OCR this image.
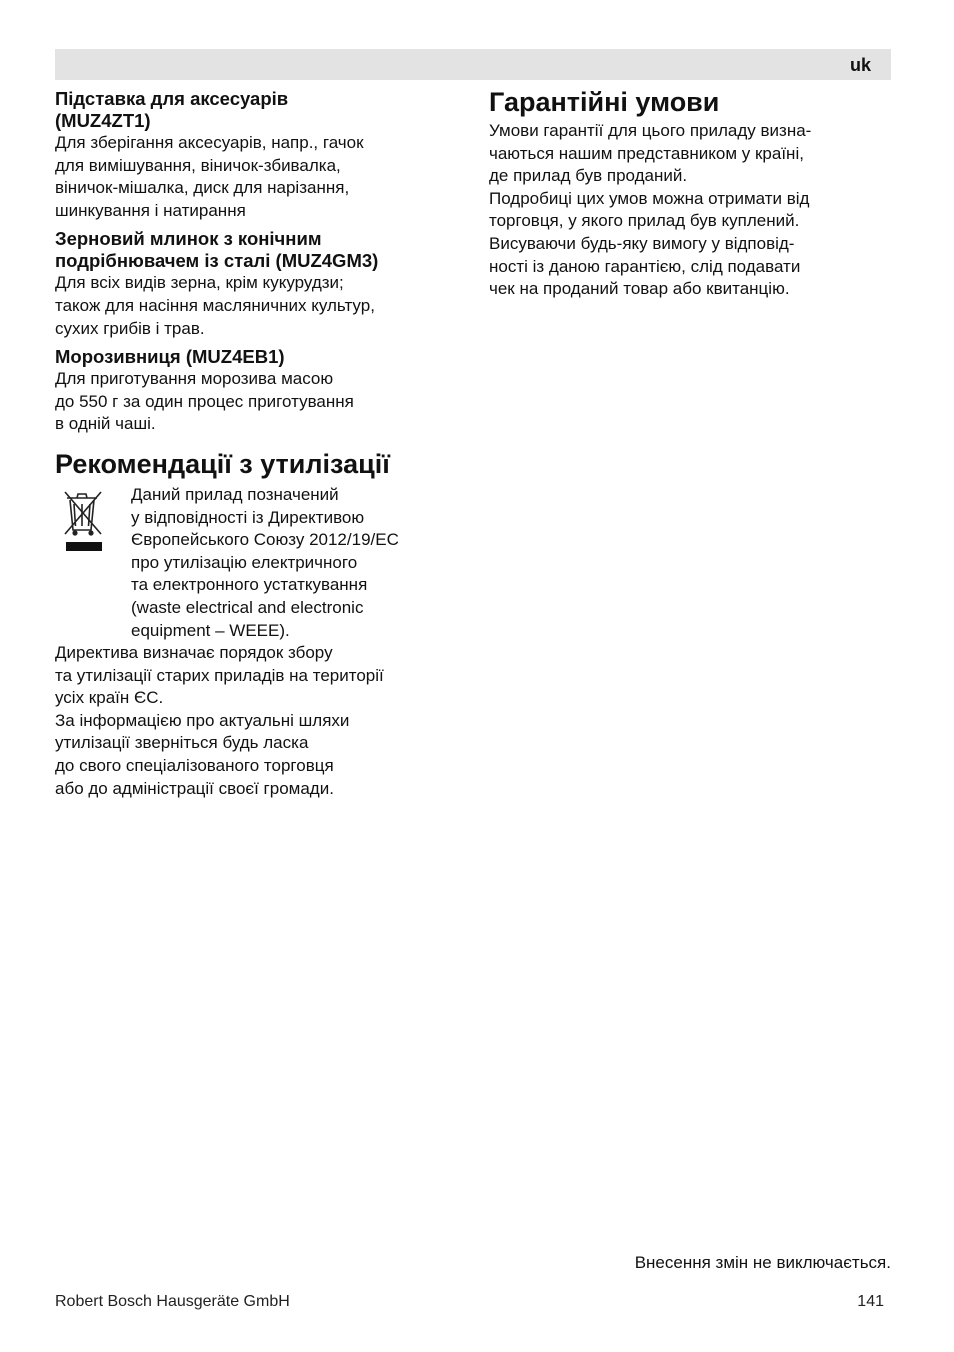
uk

Підставка для аксесуарів
(MUZ4ZT1)

Для зберігання аксесуарів, напр., гачок
для вимішування, віничок-збивалка,
віничок-мішалка, диск для нарізання,
шинкування і натирання

Зерновий млинок з конічним
подрібнювачем із сталі (MUZ4GM3)

Для всіх видів зерна, крім кукурудзи;
також для насіння масляничних культур,
сухих грибів і трав.

Морозивниця (MUZ4EB1)

Для приготування морозива масою
до 550 г за один процес приготування
в одній чаші.

Рекомендації з утилізації

Даний прилад позначений
у відповідності із Директивою
Європейського Союзу 2012/19/EC
про утилізацію електричного
та електронного устаткування
(waste electrical and electronic
equipment – WEEE).

Директива визначає порядок збору
та утилізації старих приладів на території
усіх країн ЄС.
За інформацією про актуальні шляхи
утилізації зверніться будь ласка
до свого спеціалізованого торговця
або до адміністрації своєї громади.

Гарантійні умови

Умови гарантії для цього приладу визна-
чаються нашим представником у країні,
де прилад був проданий.
Подробиці цих умов можна отримати від
торговця, у якого прилад був куплений.
Висуваючи будь-яку вимогу у відповід-
ності із даною гарантією, слід подавати
чек на проданий товар або квитанцію.

Внесення змін не виключається.
Robert Bosch Hausgeräte GmbH	141
